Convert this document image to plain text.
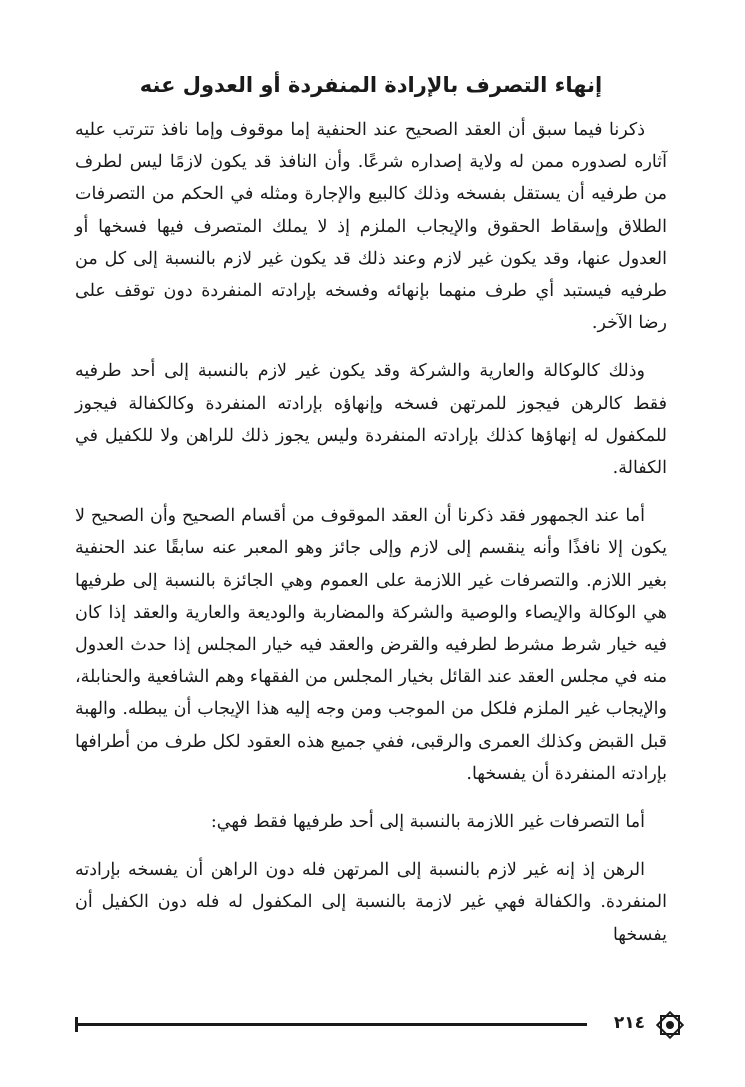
إنهاء التصرف بالإرادة المنفردة أو العدول عنه

ذكرنا فيما سبق أن العقد الصحيح عند الحنفية إما موقوف وإما نافذ تترتب عليه آثاره لصدوره ممن له ولاية إصداره شرعًا. وأن النافذ قد يكون لازمًا ليس لطرف من طرفيه أن يستقل بفسخه وذلك كالبيع والإجارة ومثله في الحكم من التصرفات الطلاق وإسقاط الحقوق والإيجاب الملزم إذ لا يملك المتصرف فيها فسخها أو العدول عنها، وقد يكون غير لازم وعند ذلك قد يكون غير لازم بالنسبة إلى كل من طرفيه فيستبد أي طرف منهما بإنهائه وفسخه بإرادته المنفردة دون توقف على رضا الآخر.

وذلك كالوكالة والعارية والشركة وقد يكون غير لازم بالنسبة إلى أحد طرفيه فقط كالرهن فيجوز للمرتهن فسخه وإنهاؤه بإرادته المنفردة وكالكفالة فيجوز للمكفول له إنهاؤها كذلك بإرادته المنفردة وليس يجوز ذلك للراهن ولا للكفيل في الكفالة.

أما عند الجمهور فقد ذكرنا أن العقد الموقوف من أقسام الصحيح وأن الصحيح لا يكون إلا نافذًا وأنه ينقسم إلى لازم وإلى جائز وهو المعبر عنه سابقًا عند الحنفية بغير اللازم. والتصرفات غير اللازمة على العموم وهي الجائزة بالنسبة إلى طرفيها هي الوكالة والإيصاء والوصية والشركة والمضاربة والوديعة والعارية والعقد إذا كان فيه خيار شرط مشرط لطرفيه والقرض والعقد فيه خيار المجلس إذا حدث العدول منه في مجلس العقد عند القائل بخيار المجلس من الفقهاء وهم الشافعية والحنابلة، والإيجاب غير الملزم فلكل من الموجب ومن وجه إليه هذا الإيجاب أن يبطله. والهبة قبل القبض وكذلك العمرى والرقبى، ففي جميع هذه العقود لكل طرف من أطرافها بإرادته المنفردة أن يفسخها.

أما التصرفات غير اللازمة بالنسبة إلى أحد طرفيها فقط فهي:

الرهن إذ إنه غير لازم بالنسبة إلى المرتهن فله دون الراهن أن يفسخه بإرادته المنفردة. والكفالة فهي غير لازمة بالنسبة إلى المكفول له فله دون الكفيل أن يفسخها

٢١٤
